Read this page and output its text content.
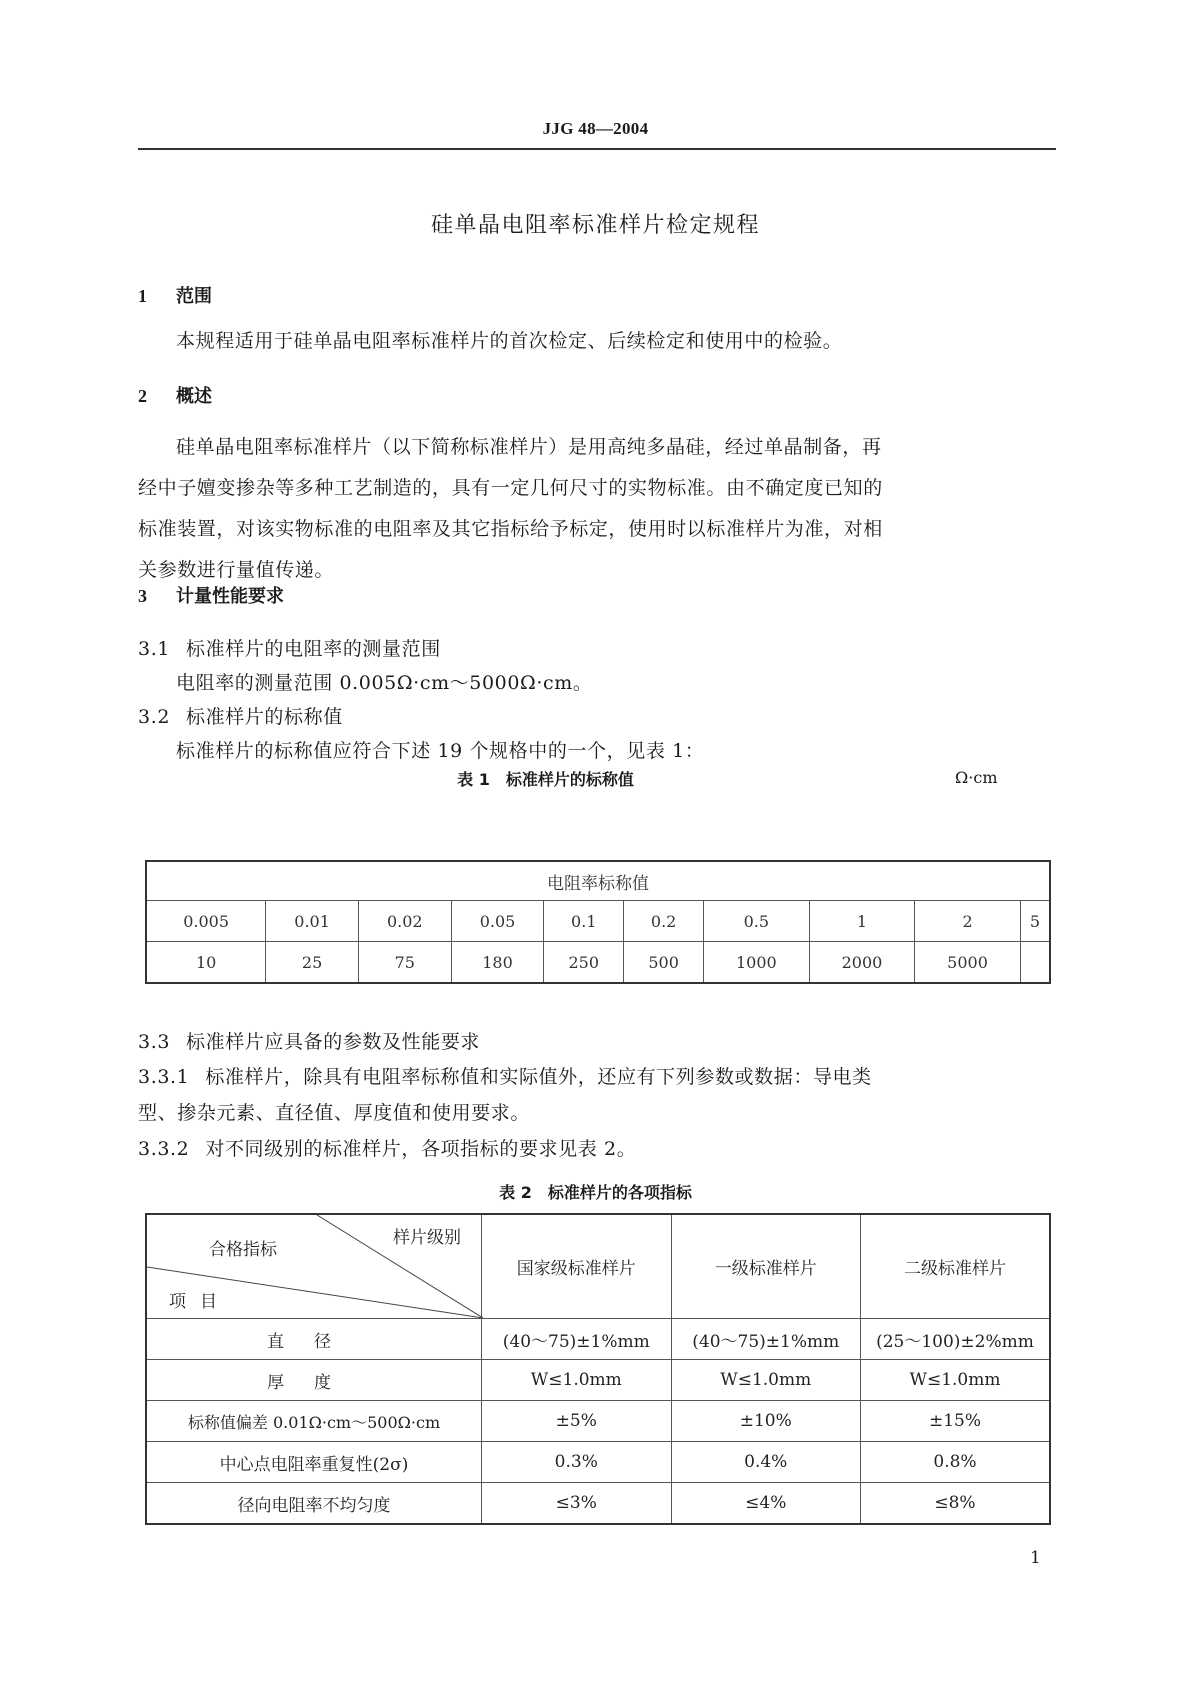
JJG 48—2004
硅单晶电阻率标准样片检定规程
1 范围
本规程适用于硅单晶电阻率标准样片的首次检定、后续检定和使用中的检验。
2 概述
硅单晶电阻率标准样片（以下简称标准样片）是用高纯多晶硅，经过单晶制备，再
经中子嬗变掺杂等多种工艺制造的，具有一定几何尺寸的实物标准。由不确定度已知的
标准装置，对该实物标准的电阻率及其它指标给予标定，使用时以标准样片为准，对相
关参数进行量值传递。
3 计量性能要求
3.1 标准样片的电阻率的测量范围
电阻率的测量范围 0.005Ω·cm～5000Ω·cm。
3.2 标准样片的标称值
标准样片的标称值应符合下述 19 个规格中的一个，见表 1：
表 1　标准样片的标称值	Ω·cm
电阻率标称值									
0.005	0.01	0.02	0.05	0.1	0.2	0.5	1	2	5
10	25	75	180	250	500	1000	2000	5000	
3.3 标准样片应具备的参数及性能要求
3.3.1 标准样片，除具有电阻率标称值和实际值外，还应有下列参数或数据：导电类
型、掺杂元素、直径值、厚度值和使用要求。
3.3.2 对不同级别的标准样片，各项指标的要求见表 2。
表 2　标准样片的各项指标
样片级别
合格指标
项目	国家级标准样片	一级标准样片	二级标准样片
直径	(40～75)±1%mm	(40～75)±1%mm	(25～100)±2%mm
厚度	W≤1.0mm	W≤1.0mm	W≤1.0mm
标称值偏差 0.01Ω·cm～500Ω·cm	±5%	±10%	±15%
中心点电阻率重复性(2σ)	0.3%	0.4%	0.8%
径向电阻率不均匀度	≤3%	≤4%	≤8%
1
